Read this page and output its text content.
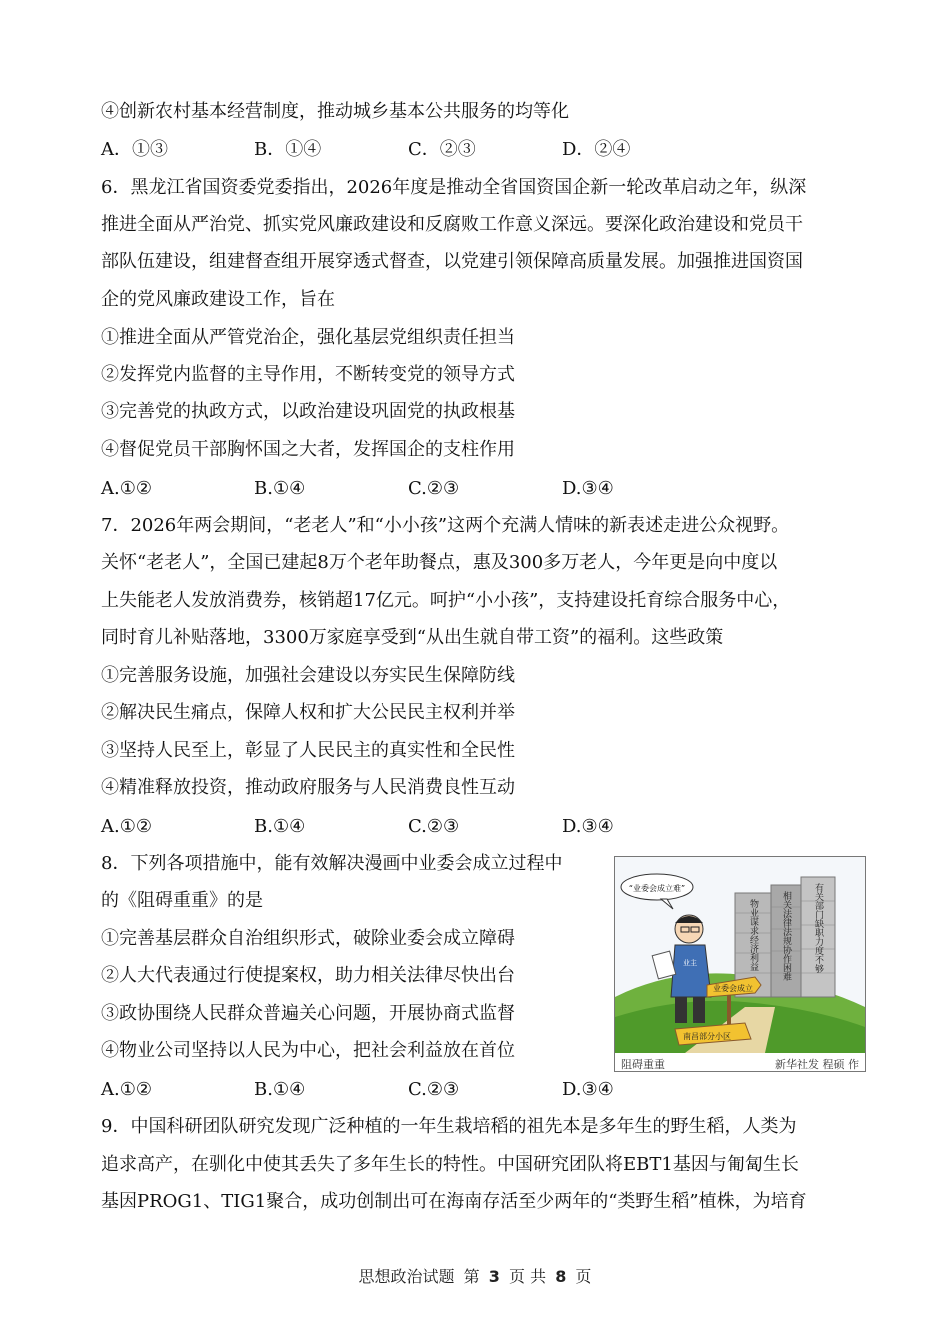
④创新农村基本经营制度，推动城乡基本公共服务的均等化
A．①③	B．①④	C．②③	D．②④
6．黑龙江省国资委党委指出，2026年度是推动全省国资国企新一轮改革启动之年，纵深
推进全面从严治党、抓实党风廉政建设和反腐败工作意义深远。要深化政治建设和党员干
部队伍建设，组建督查组开展穿透式督查，以党建引领保障高质量发展。加强推进国资国
企的党风廉政建设工作，旨在
①推进全面从严管党治企，强化基层党组织责任担当
②发挥党内监督的主导作用，不断转变党的领导方式
③完善党的执政方式，以政治建设巩固党的执政根基
④督促党员干部胸怀国之大者，发挥国企的支柱作用
A.①②	B.①④	C.②③	D.③④
7．2026年两会期间，“老老人”和“小小孩”这两个充满人情味的新表述走进公众视野。
关怀“老老人”，全国已建起8万个老年助餐点，惠及300多万老人，今年更是向中度以
上失能老人发放消费券，核销超17亿元。呵护“小小孩”，支持建设托育综合服务中心，
同时育儿补贴落地，3300万家庭享受到“从出生就自带工资”的福利。这些政策
①完善服务设施，加强社会建设以夯实民生保障防线
②解决民生痛点，保障人权和扩大公民民主权利并举
③坚持人民至上，彰显了人民民主的真实性和全民性
④精准释放投资，推动政府服务与人民消费良性互动
A.①②	B.①④	C.②③	D.③④
8．下列各项措施中，能有效解决漫画中业委会成立过程中
的《阻碍重重》的是
①完善基层群众自治组织形式，破除业委会成立障碍
②人大代表通过行使提案权，助力相关法律尽快出台
③政协围绕人民群众普遍关心问题，开展协商式监督
④物业公司坚持以人民为中心，把社会利益放在首位
A.①②	B.①④	C.②③	D.③④
“业委会成立难”
物业谋求经济利益	相关法律法规协作困难 有关部门缺职力度不够
业委会成立
南昌部分小区
业主
阻碍重重	新华社发 程硕 作
9．中国科研团队研究发现广泛种植的一年生栽培稻的祖先本是多年生的野生稻，人类为
追求高产，在驯化中使其丢失了多年生长的特性。中国研究团队将EBT1基因与匍匐生长
基因PROG1、TIG1聚合，成功创制出可在海南存活至少两年的“类野生稻”植株，为培育
思想政治试题 第 3 页 共 8 页
